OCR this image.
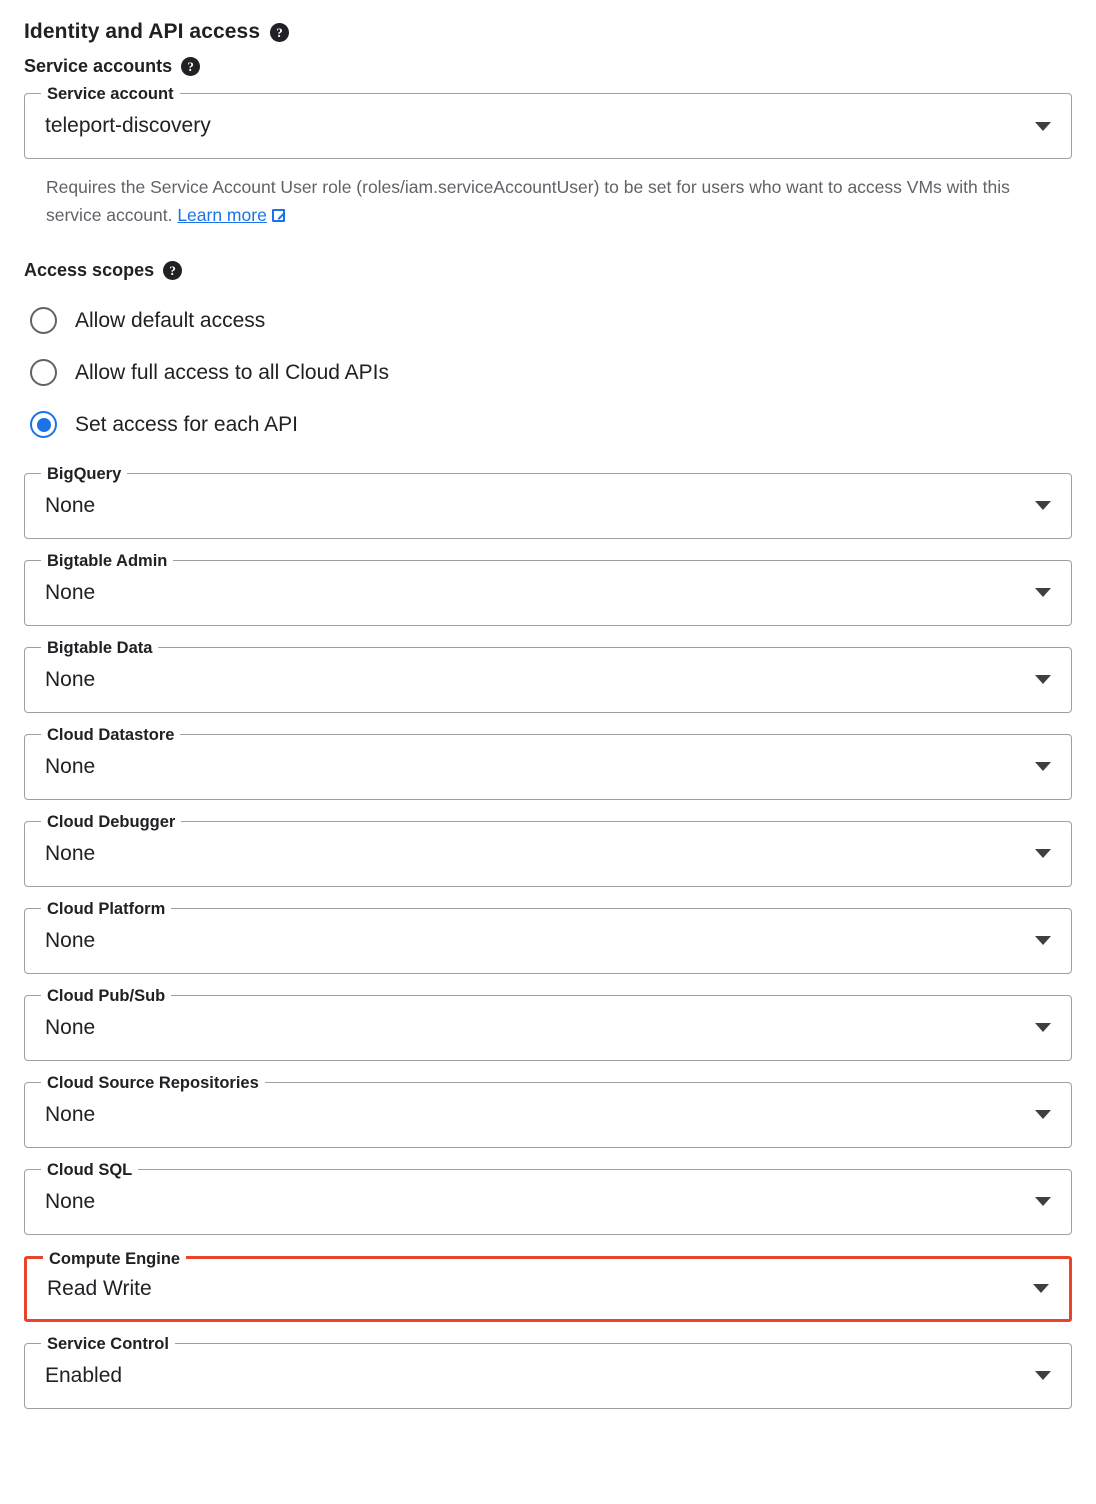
Identity and API access	?
Service accounts	?
Service account
teleport-discovery
Requires the Service Account User role (roles/iam.serviceAccountUser) to be set for users who want to access VMs with this service account. Learn more
Access scopes	?
Allow default access
Allow full access to all Cloud APIs
Set access for each API
BigQuery
None
Bigtable Admin
None
Bigtable Data
None
Cloud Datastore
None
Cloud Debugger
None
Cloud Platform
None
Cloud Pub/Sub
None
Cloud Source Repositories
None
Cloud SQL
None
Compute Engine
Read Write
Service Control
Enabled
